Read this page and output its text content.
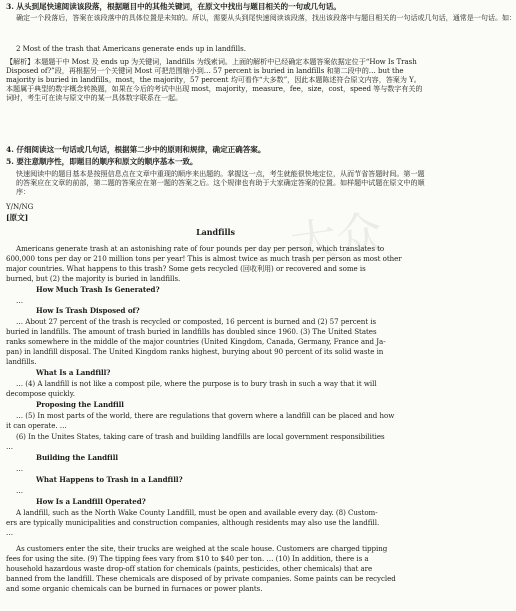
大众
3. 从头到尾快速阅读该段落，根据题目中的其他关键词，在原文中找出与题目相关的一句或几句话。
确定一个段落后，答案在该段落中的具体位置是未知的。所以，需要从头到尾快速阅读该段落，找出该段落中与题目相关的一句话或几句话，通常是一句话。如：
2 Most of the trash that Americans generate ends up in landfills.
【解析】本题题干中 Most 及 ends up 为关键词，landfills 为线索词。上面的解析中已经确定本题答案依据定位于“How Is Trash Disposed of?”段，再根据另一个关键词 Most 可把范围缩小到… 57 percent is buried in landfills 和第二段中的… but the majority is buried in landfills。most，the majority，57 percent 均可看作“大多数”，因此本题陈述符合原文内容，答案为 Y。本题属于典型的数字概念转换题，如果在今后的考试中出现 most，majority，measure，fee，size，cost，speed 等与数字有关的词时，考生可在读与原文中的某一具体数字联系在一起。
4. 仔细阅读这一句话或几句话，根据第二步中的原则和规律，确定正确答案。
5. 要注意顺序性，即题目的顺序和原文的顺序基本一致。
快速阅读中的题目基本是按照信息点在文章中重现的顺序来出题的。掌握这一点，考生就能很快地定位，从而节省答题时间。第一题的答案应在文章的前部，第二题的答案应在第一题的答案之后。这个规律也有助于大家确定答案的位置。如样题中试题在原文中的顺序：
Y/N/NG
[原文]
Landfills
Americans generate trash at an astonishing rate of four pounds per day per person, which translates to
600,000 tons per day or 210 million tons per year! This is almost twice as much trash per person as most other
major countries. What happens to this trash? Some gets recycled (回收利用) or recovered and some is
burned, but (2) the majority is buried in landfills.
How Much Trash Is Generated?
…
How Is Trash Disposed of?
… About 27 percent of the trash is recycled or composted, 16 percent is burned and (2) 57 percent is
buried in landfills. The amount of trash buried in landfills has doubled since 1960. (3) The United States
ranks somewhere in the middle of the major countries (United Kingdom, Canada, Germany, France and Ja-
pan) in landfill disposal. The United Kingdom ranks highest, burying about 90 percent of its solid waste in
landfills.
What Is a Landfill?
… (4) A landfill is not like a compost pile, where the purpose is to bury trash in such a way that it will
decompose quickly.
Proposing the Landfill
… (5) In most parts of the world, there are regulations that govern where a landfill can be placed and how
it can operate. …
(6) In the Unites States, taking care of trash and building landfills are local government responsibilities
…
Building the Landfill
…
What Happens to Trash in a Landfill?
…
How Is a Landfill Operated?
A landfill, such as the North Wake County Landfill, must be open and available every day. (8) Custom-
ers are typically municipalities and construction companies, although residents may also use the landfill.
…
As customers enter the site, their trucks are weighed at the scale house. Customers are charged tipping
fees for using the site. (9) The tipping fees vary from $10 to $40 per ton. … (10) In addition, there is a
household hazardous waste drop-off station for chemicals (paints, pesticides, other chemicals) that are
banned from the landfill. These chemicals are disposed of by private companies. Some paints can be recycled
and some organic chemicals can be burned in furnaces or power plants.
